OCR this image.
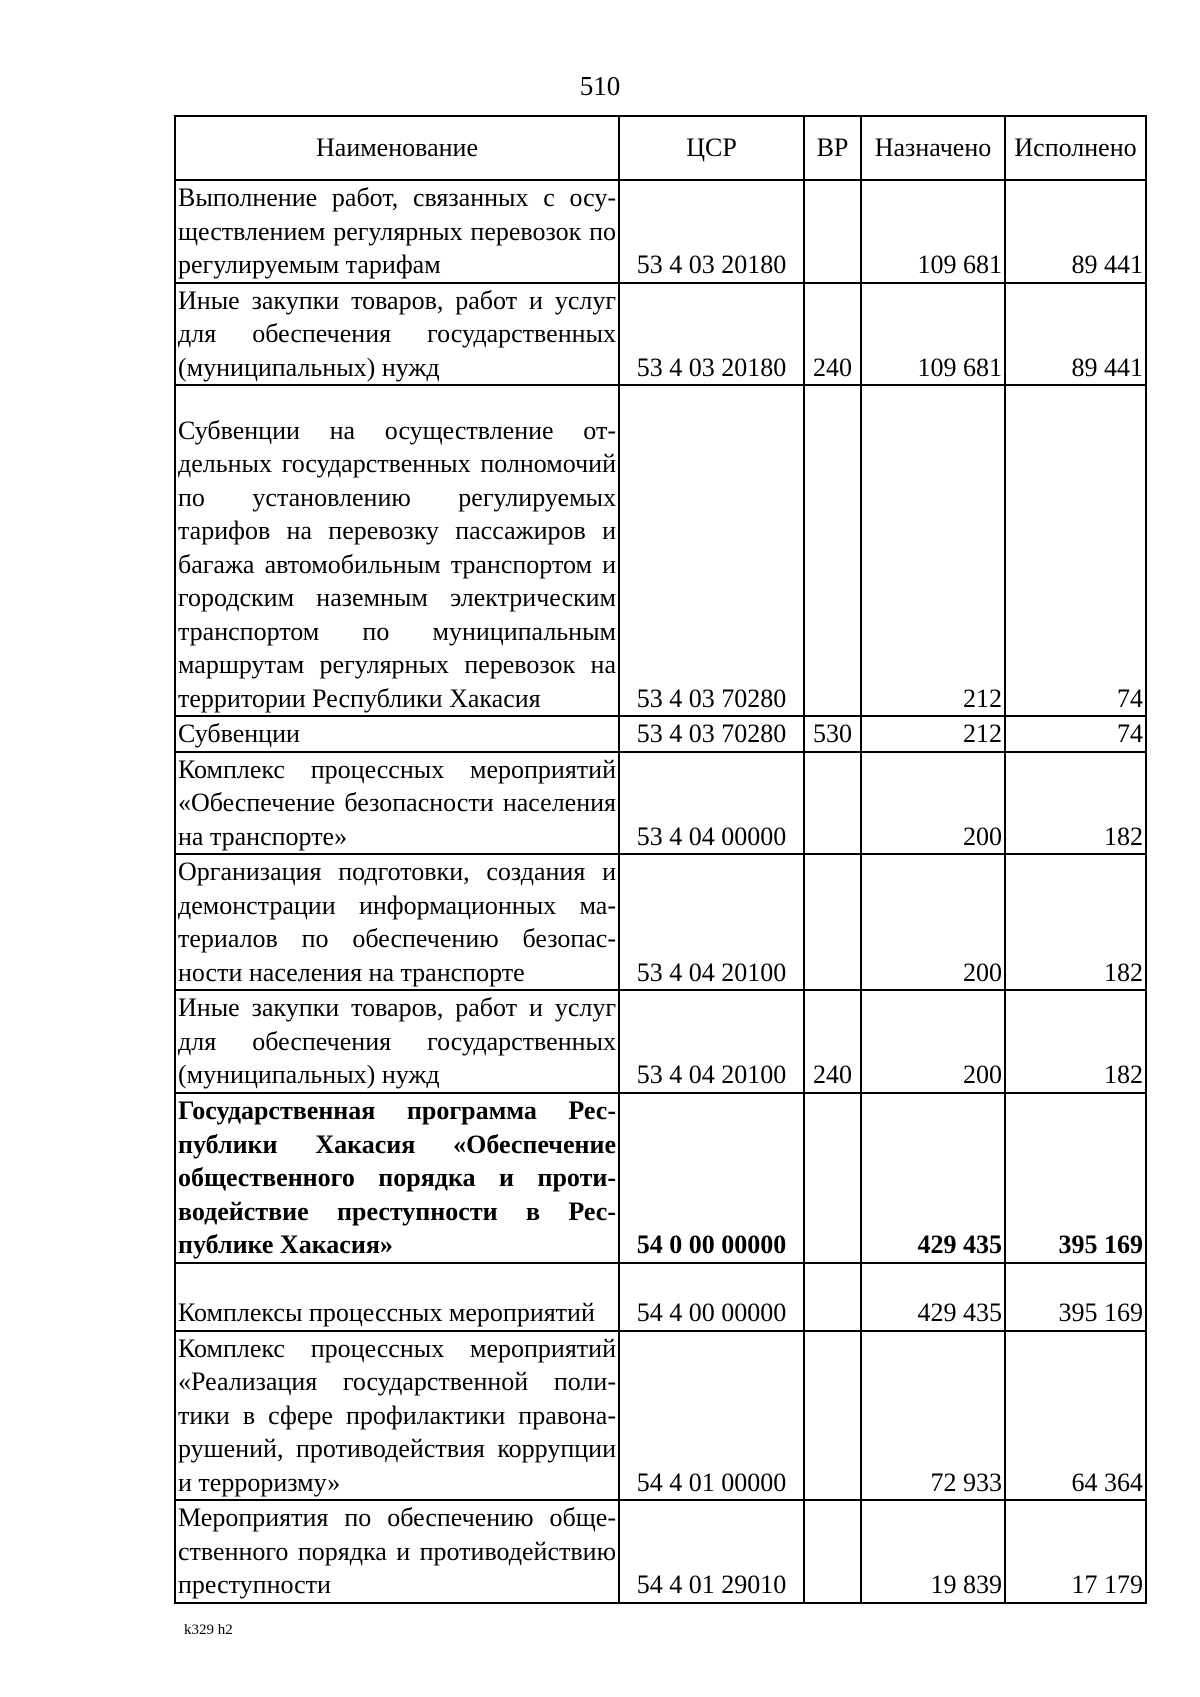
510
Наименование	ЦСР	ВР	Назначено	Исполнено
Выполнение работ, связанных с осуществлением регулярных перевозок по регулируемым тарифам	53 4 03 20180		109 681	89 441
Иные закупки товаров, работ и услуг для обеспечения государственных (муниципальных) нужд	53 4 03 20180	240	109 681	89 441
Субвенции на осуществление отдельных государственных полномочий по установлению регулируемых тарифов на перевозку пассажиров и багажа автомобильным транспортом и городским наземным электрическим транспортом по муниципальным маршрутам регулярных перевозок на территории Республики Хакасия	53 4 03 70280		212	74
Субвенции	53 4 03 70280	530	212	74
Комплекс процессных мероприятий «Обеспечение безопасности населения на транспорте»	53 4 04 00000		200	182
Организация подготовки, создания и демонстрации информационных материалов по обеспечению безопасности населения на транспорте	53 4 04 20100		200	182
Иные закупки товаров, работ и услуг для обеспечения государственных (муниципальных) нужд	53 4 04 20100	240	200	182
Государственная программа Республики Хакасия «Обеспечение общественного порядка и противодействие преступности в Республике Хакасия»	54 0 00 00000		429 435	395 169
Комплексы процессных мероприятий	54 4 00 00000		429 435	395 169
Комплекс процессных мероприятий «Реализация государственной политики в сфере профилактики правонарушений, противодействия коррупции и терроризму»	54 4 01 00000		72 933	64 364
Мероприятия по обеспечению общественного порядка и противодействию преступности	54 4 01 29010		19 839	17 179
k329 h2
